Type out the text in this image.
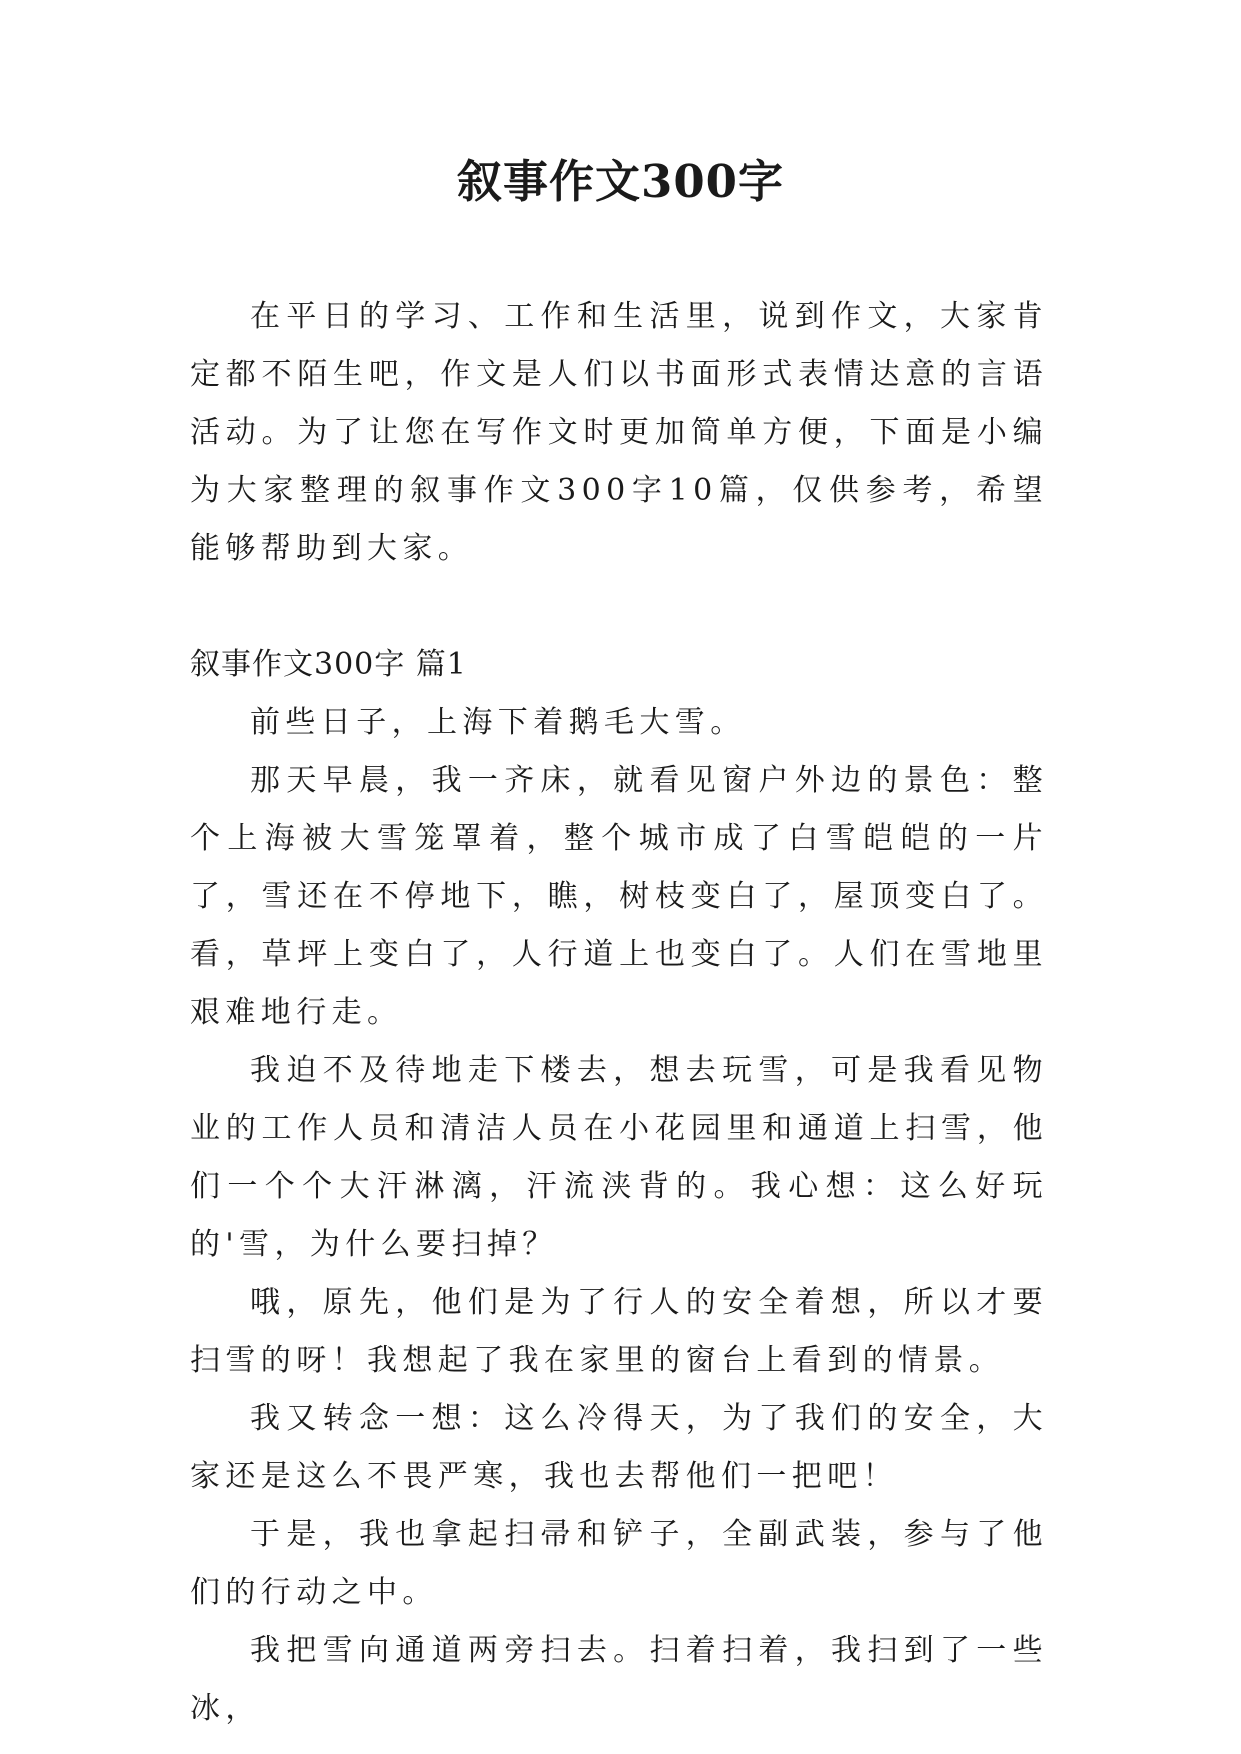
叙事作文300字

在平日的学习、工作和生活里，说到作文，大家肯定都不陌生吧，作文是人们以书面形式表情达意的言语活动。为了让您在写作文时更加简单方便，下面是小编为大家整理的叙事作文300字10篇，仅供参考，希望能够帮助到大家。

叙事作文300字 篇1

前些日子，上海下着鹅毛大雪。

那天早晨，我一齐床，就看见窗户外边的景色：整个上海被大雪笼罩着，整个城市成了白雪皑皑的一片了，雪还在不停地下，瞧，树枝变白了，屋顶变白了。看，草坪上变白了，人行道上也变白了。人们在雪地里艰难地行走。

我迫不及待地走下楼去，想去玩雪，可是我看见物业的工作人员和清洁人员在小花园里和通道上扫雪，他们一个个大汗淋漓，汗流浃背的。我心想：这么好玩的'雪，为什么要扫掉？

哦，原先，他们是为了行人的安全着想，所以才要扫雪的呀！我想起了我在家里的窗台上看到的情景。

我又转念一想：这么冷得天，为了我们的安全，大家还是这么不畏严寒，我也去帮他们一把吧！

于是，我也拿起扫帚和铲子，全副武装，参与了他们的行动之中。

我把雪向通道两旁扫去。扫着扫着，我扫到了一些冰，
